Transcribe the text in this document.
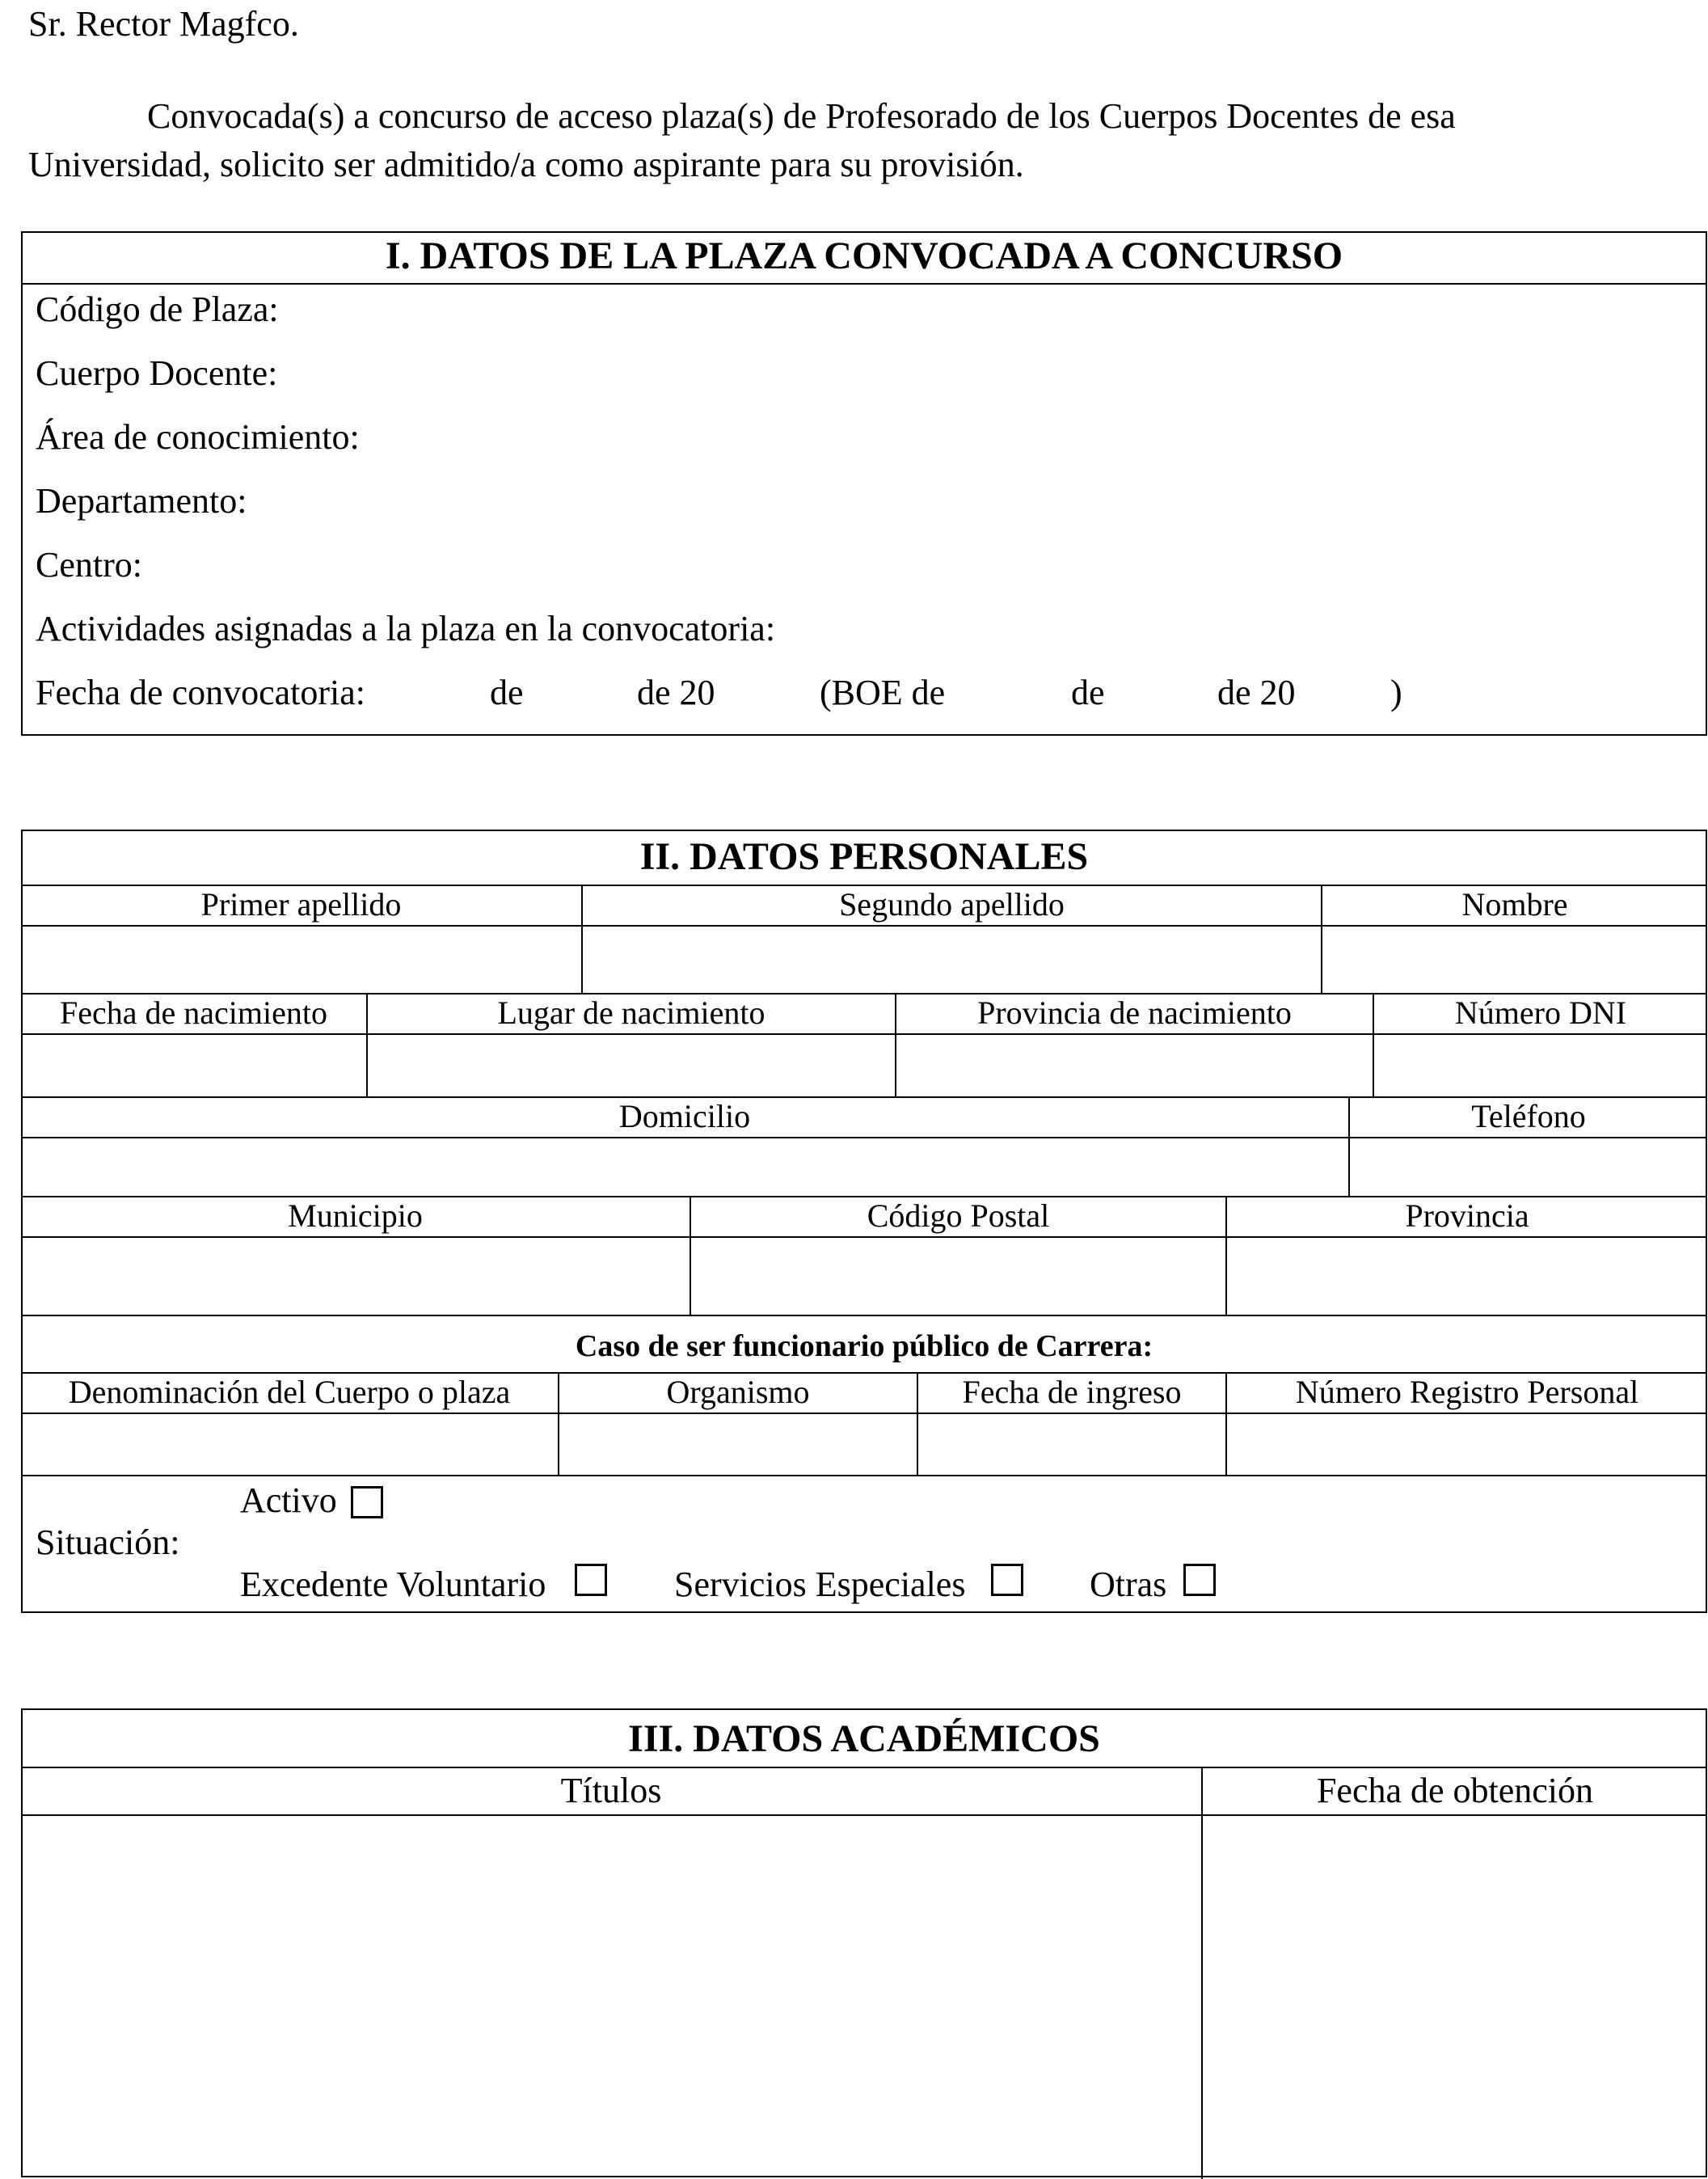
Sr. Rector Magfco.
Convocada(s) a concurso de acceso plaza(s) de Profesorado de los Cuerpos Docentes de esa
Universidad, solicito ser admitido/a como aspirante para su provisión.
I. DATOS DE LA PLAZA CONVOCADA A CONCURSO
Código de Plaza:
Cuerpo Docente:
Área de conocimiento:
Departamento:
Centro:
Actividades asignadas a la plaza en la convocatoria:
Fecha de convocatoria:	de	de 20	(BOE de	de	de 20	)
II. DATOS PERSONALES
Primer apellido	Segundo apellido	Nombre
Fecha de nacimiento	Lugar de nacimiento	Provincia de nacimiento	Número DNI
Domicilio	Teléfono
Municipio	Código Postal	Provincia
Caso de ser funcionario público de Carrera:
Denominación del Cuerpo o plaza	Organismo	Fecha de ingreso	Número Registro Personal
Situación:
Activo
Excedente Voluntario	Servicios Especiales	Otras
III. DATOS ACADÉMICOS
Títulos	Fecha de obtención
